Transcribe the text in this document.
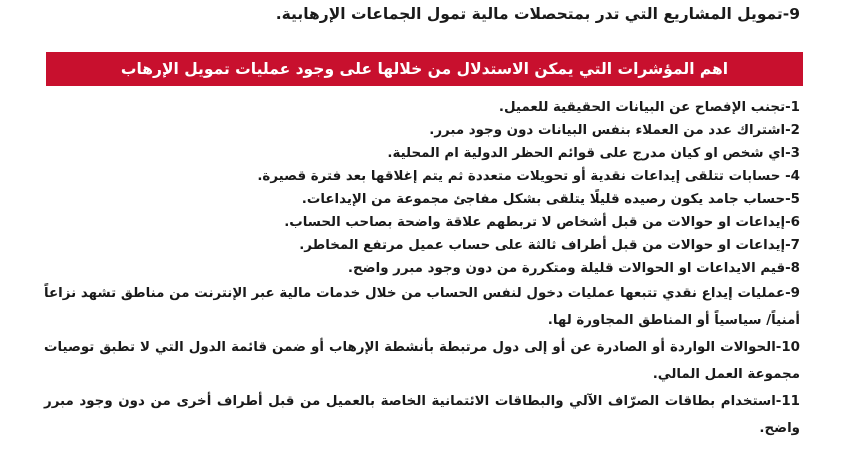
9-تمويل المشاريع التي تدر بمتحصلات مالية تمول الجماعات الإرهابية.
اهم المؤشرات التي يمكن الاستدلال من خلالها على وجود عمليات تمويل الإرهاب
1-تجنب الإفصاح عن البيانات الحقيقية للعميل.
2-اشتراك عدد من العملاء بنفس البيانات دون وجود مبرر.
3-اي شخص او كيان مدرج على قوائم الحظر الدولية ام المحلية.
4- حسابات تتلقى إيداعات نقدية أو تحويلات متعددة ثم يتم إغلاقها بعد فترة قصيرة.
5-حساب جامد يكون رصيده قليلًا يتلقى بشكل مفاجئ مجموعة من الإيداعات.
6-إيداعات او حوالات من قبل أشخاص لا تربطهم علاقة واضحة بصاحب الحساب.
7-إيداعات او حوالات من قبل أطراف ثالثة على حساب عميل مرتفع المخاطر.
8-قيم الايداعات او الحوالات قليلة ومتكررة من دون وجود مبرر واضح.
9-عمليات إيداع نقدي تتبعها عمليات دخول لنفس الحساب من خلال خدمات مالية عبر الإنترنت من مناطق تشهد نزاعاً أمنياً/ سياسياً أو المناطق المجاورة لها.
10-الحوالات الواردة أو الصادرة عن أو إلى دول مرتبطة بأنشطة الإرهاب أو ضمن قائمة الدول التي لا تطبق توصيات مجموعة العمل المالي.
11-استخدام بطاقات الصرّاف الآلي والبطاقات الائتمانية الخاصة بالعميل من قبل أطراف أخرى من دون وجود مبرر واضح.
